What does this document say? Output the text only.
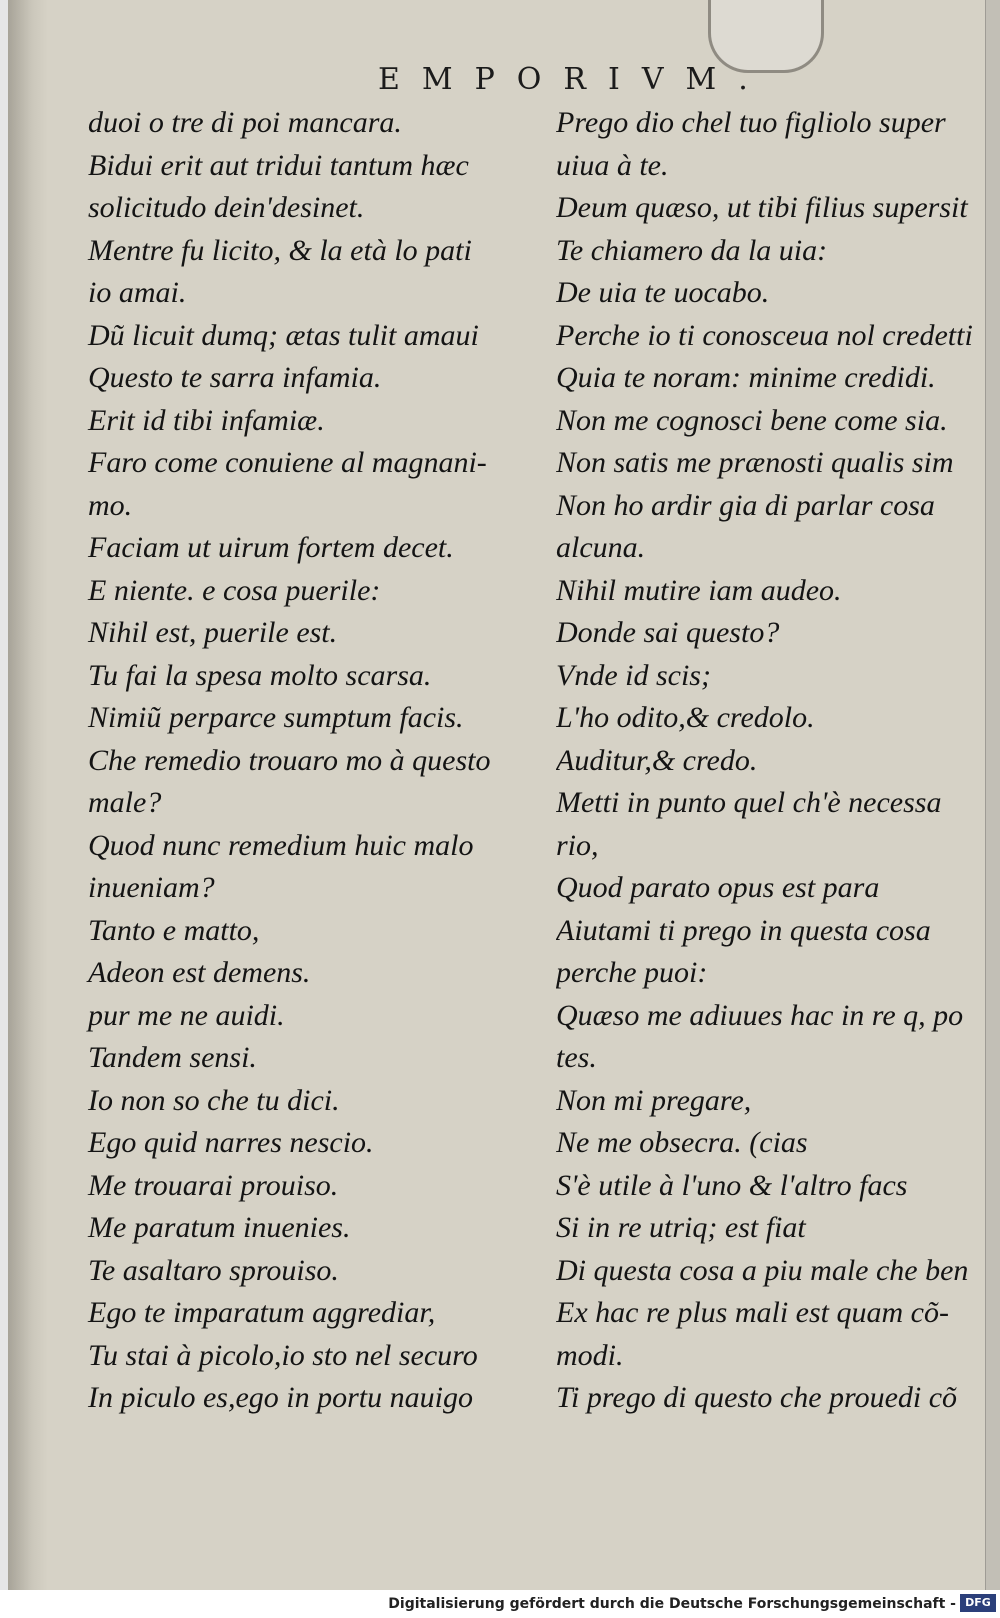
EMPORIVM.
duoi o tre di poi mancara.
Bidui erit aut tridui tantum hæc
solicitudo dein'desinet.
Mentre fu licito, & la età lo pati
io amai.
Dũ licuit dumq; ætas tulit amaui
Questo te sarra infamia.
Erit id tibi infamiæ.
Faro come conuiene al magnani-
mo.
Faciam ut uirum fortem decet.
E niente. e cosa puerile:
Nihil est, puerile est.
Tu fai la spesa molto scarsa.
Nimiũ perparce sumptum facis.
Che remedio trouaro mo à questo
male?
Quod nunc remedium huic malo
inueniam?
Tanto e matto,
Adeon est demens.
pur me ne auidi.
Tandem sensi.
Io non so che tu dici.
Ego quid narres nescio.
Me trouarai prouiso.
Me paratum inuenies.
Te asaltaro sprouiso.
Ego te imparatum aggrediar,
Tu stai à picolo,io sto nel securo
In piculo es,ego in portu nauigo
Prego dio chel tuo figliolo super
uiua à te.
Deum quæso, ut tibi filius supersit
Te chiamero da la uia:
De uia te uocabo.
Perche io ti conosceua nol credetti
Quia te noram: minime credidi.
Non me cognosci bene come sia.
Non satis me prænosti qualis sim
Non ho ardir gia di parlar cosa
alcuna.
Nihil mutire iam audeo.
Donde sai questo?
Vnde id scis;
L'ho odito,& credolo.
Auditur,& credo.
Metti in punto quel ch'è necessa
rio,
Quod parato opus est para
Aiutami ti prego in questa cosa
perche puoi:
Quæso me adiuues hac in re q, po
tes.
Non mi pregare,
Ne me obsecra. (cias
S'è utile à l'uno & l'altro facs
Si in re utriq; est fiat
Di questa cosa a piu male che ben
Ex hac re plus mali est quam cõ-
modi.
Ti prego di questo che prouedi cõ
Digitalisierung gefördert durch die Deutsche Forschungsgemeinschaft - DFG
